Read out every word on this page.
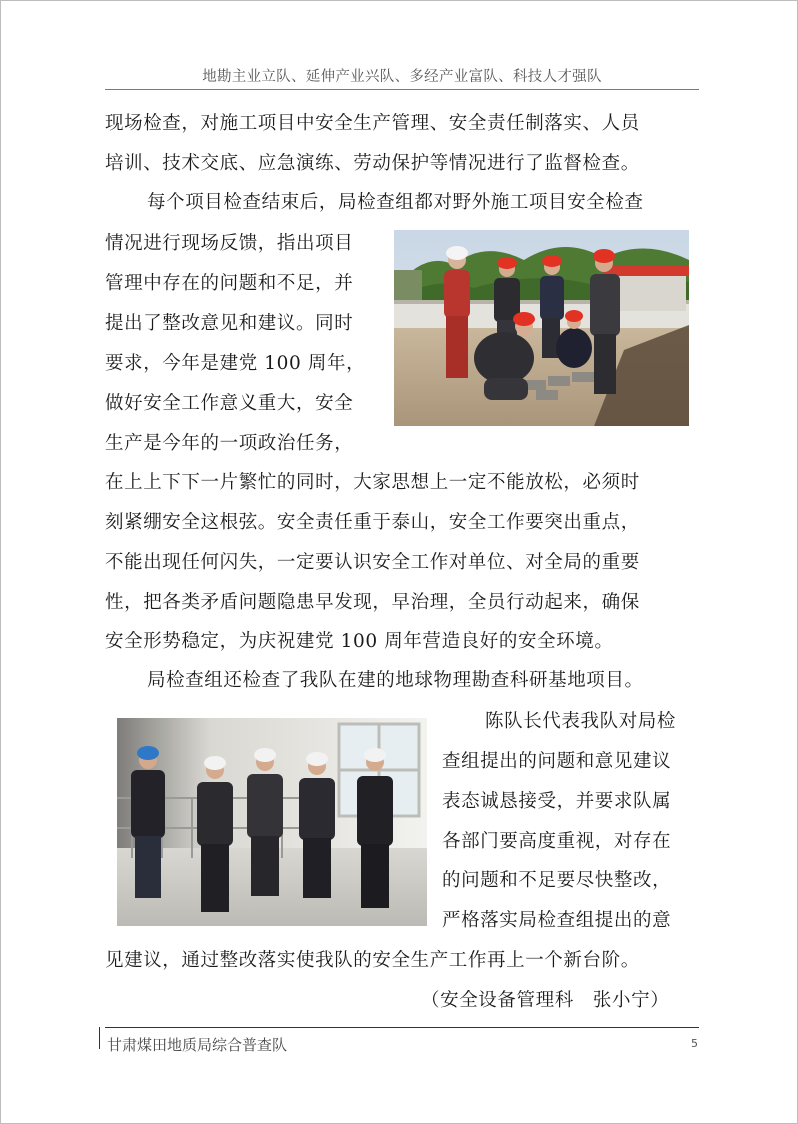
地勘主业立队、延伸产业兴队、多经产业富队、科技人才强队
现场检查，对施工项目中安全生产管理、安全责任制落实、人员
培训、技术交底、应急演练、劳动保护等情况进行了监督检查。
每个项目检查结束后，局检查组都对野外施工项目安全检查
情况进行现场反馈，指出项目
管理中存在的问题和不足，并
提出了整改意见和建议。同时
要求，今年是建党 100 周年，
做好安全工作意义重大，安全
生产是今年的一项政治任务，
在上上下下一片繁忙的同时，大家思想上一定不能放松，必须时
刻紧绷安全这根弦。安全责任重于泰山，安全工作要突出重点，
不能出现任何闪失，一定要认识安全工作对单位、对全局的重要
性，把各类矛盾问题隐患早发现，早治理，全员行动起来，确保
安全形势稳定，为庆祝建党 100 周年营造良好的安全环境。
局检查组还检查了我队在建的地球物理勘查科研基地项目。
陈队长代表我队对局检
查组提出的问题和意见建议
表态诚恳接受，并要求队属
各部门要高度重视，对存在
的问题和不足要尽快整改，
严格落实局检查组提出的意
见建议，通过整改落实使我队的安全生产工作再上一个新台阶。
（安全设备管理科　张小宁）
甘肃煤田地质局综合普查队	5
